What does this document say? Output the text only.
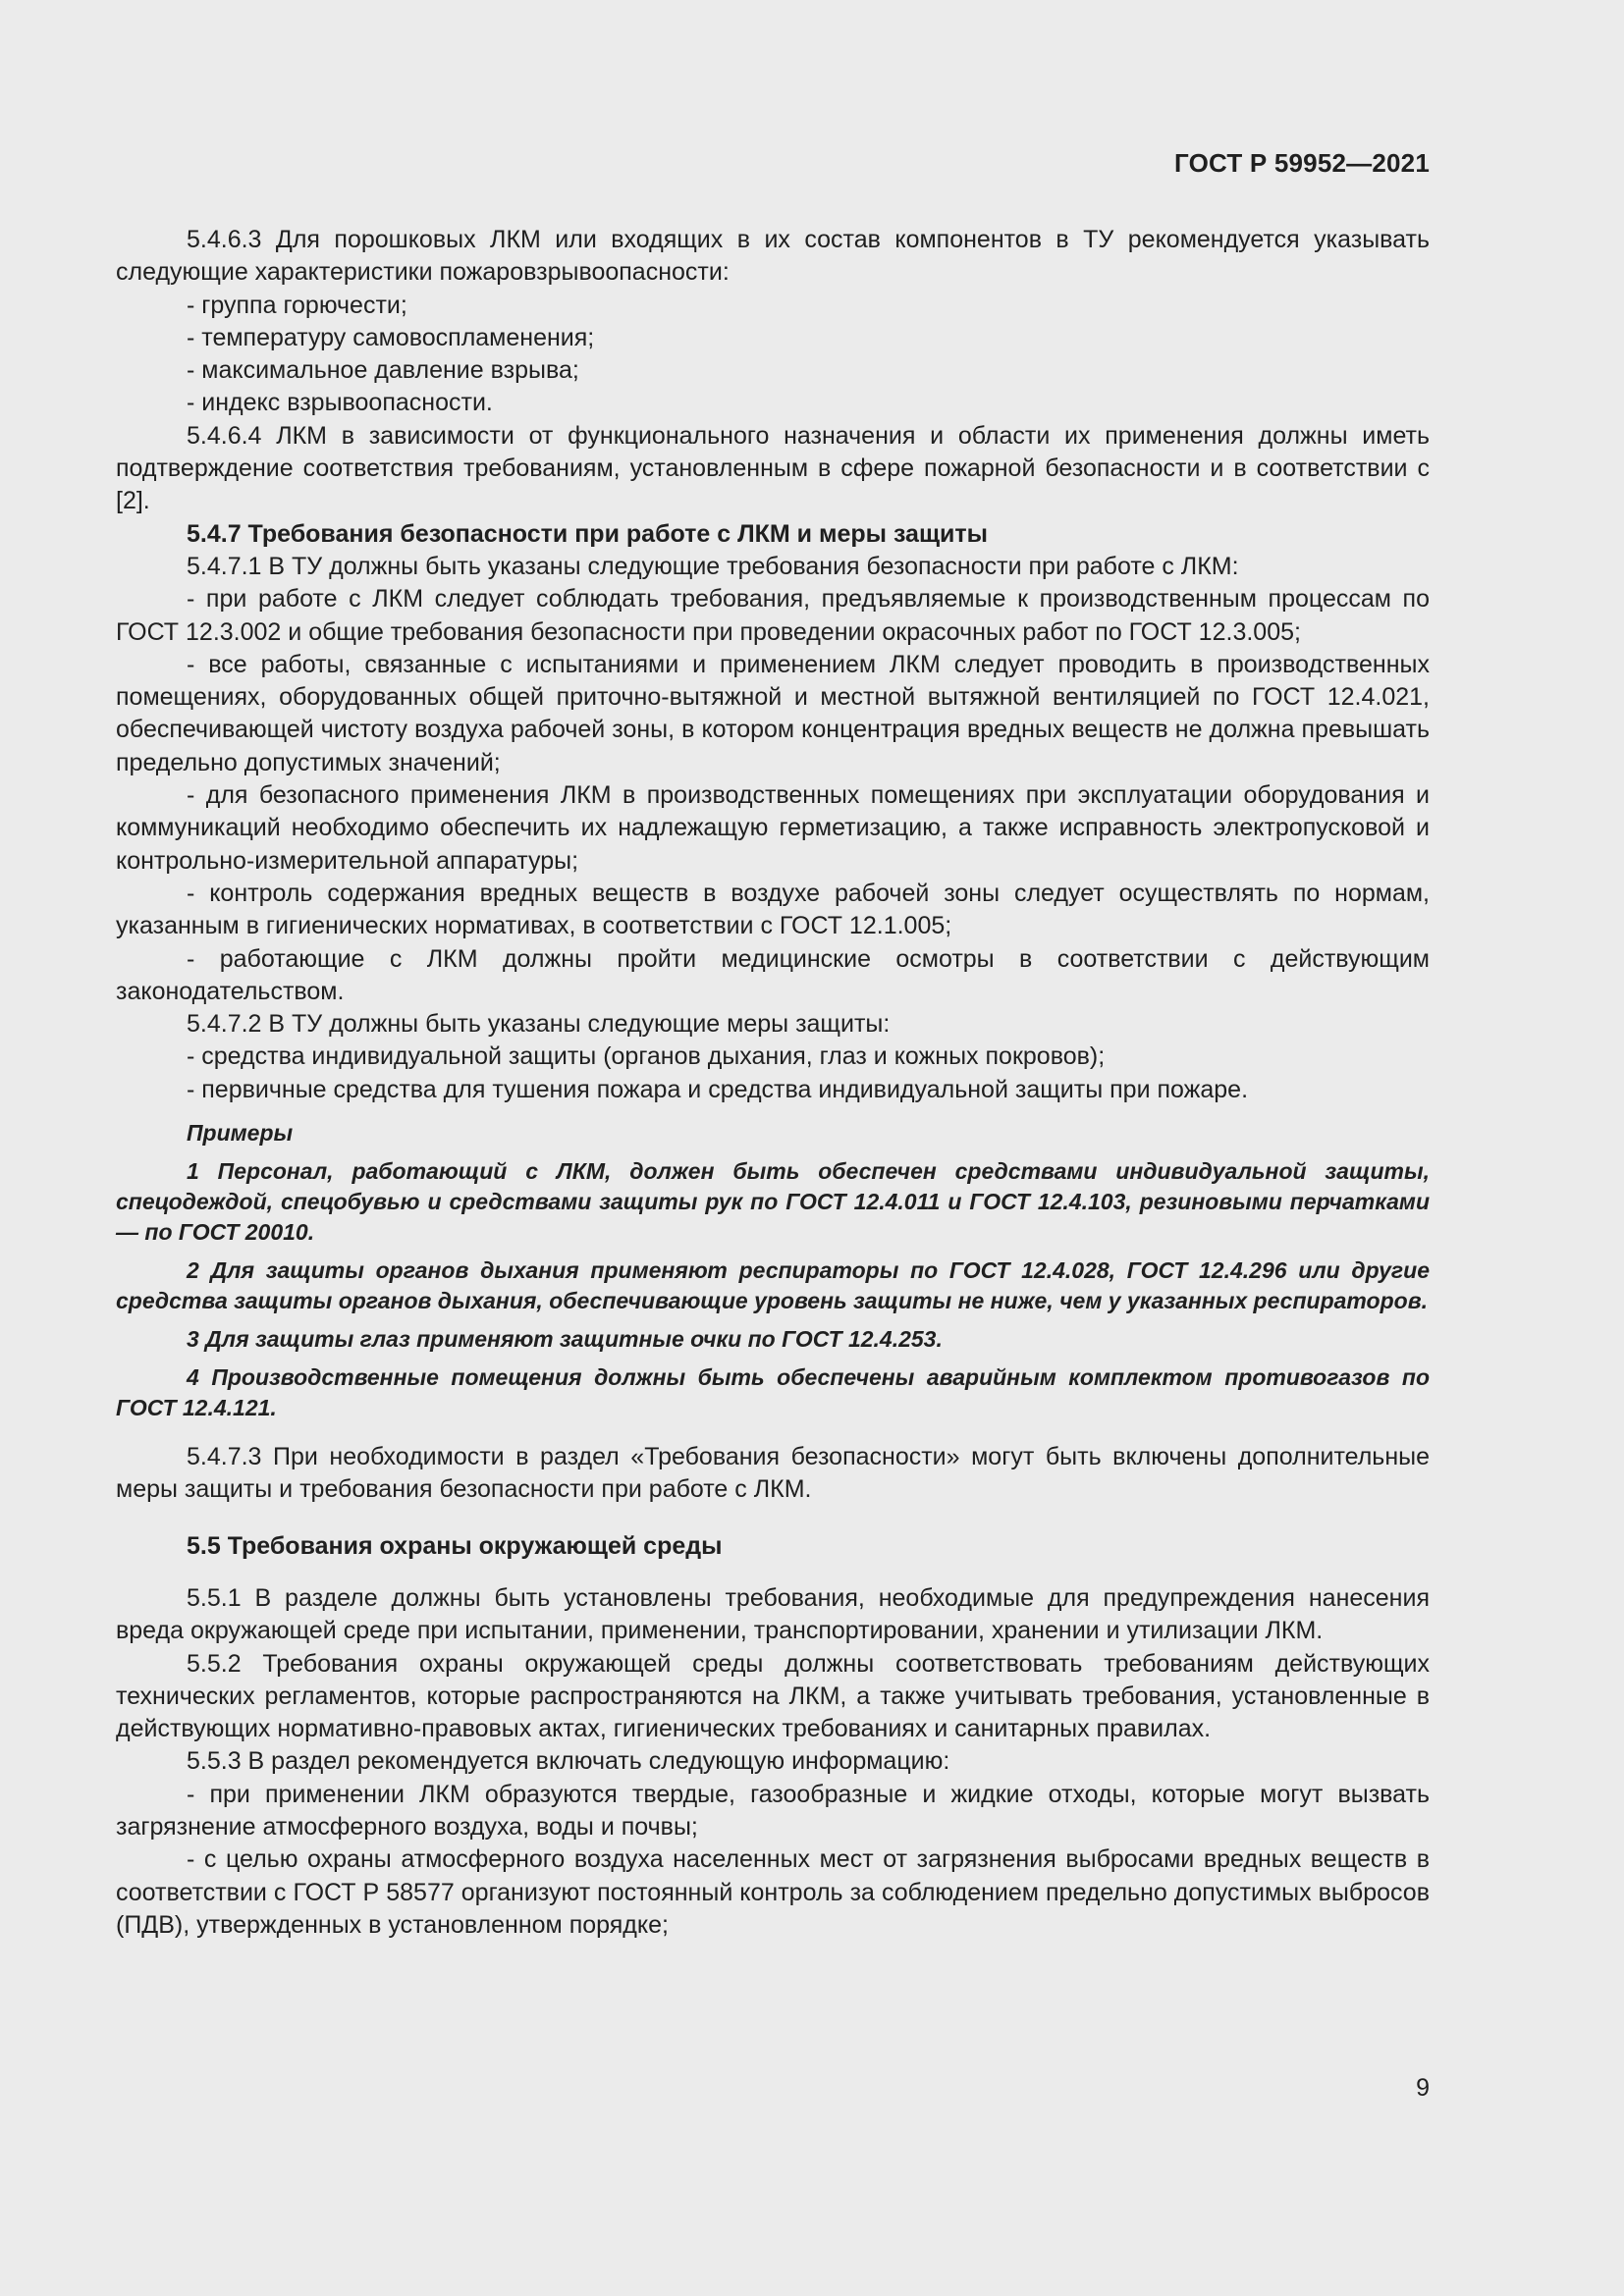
ГОСТ Р 59952—2021

5.4.6.3 Для порошковых ЛКМ или входящих в их состав компонентов в ТУ рекомендуется указывать следующие характеристики пожаровзрывоопасности:

- группа горючести;

- температуру самовоспламенения;

- максимальное давление взрыва;

- индекс взрывоопасности.

5.4.6.4 ЛКМ в зависимости от функционального назначения и области их применения должны иметь подтверждение соответствия требованиям, установленным в сфере пожарной безопасности и в соответствии с [2].

5.4.7 Требования безопасности при работе с ЛКМ и меры защиты

5.4.7.1 В ТУ должны быть указаны следующие требования безопасности при работе с ЛКМ:

- при работе с ЛКМ следует соблюдать требования, предъявляемые к производственным процессам по ГОСТ 12.3.002 и общие требования безопасности при проведении окрасочных работ по ГОСТ 12.3.005;

- все работы, связанные с испытаниями и применением ЛКМ следует проводить в производственных помещениях, оборудованных общей приточно-вытяжной и местной вытяжной вентиляцией по ГОСТ 12.4.021, обеспечивающей чистоту воздуха рабочей зоны, в котором концентрация вредных веществ не должна превышать предельно допустимых значений;

- для безопасного применения ЛКМ в производственных помещениях при эксплуатации оборудования и коммуникаций необходимо обеспечить их надлежащую герметизацию, а также исправность электропусковой и контрольно-измерительной аппаратуры;

- контроль содержания вредных веществ в воздухе рабочей зоны следует осуществлять по нормам, указанным в гигиенических нормативах, в соответствии с ГОСТ 12.1.005;

- работающие с ЛКМ должны пройти медицинские осмотры в соответствии с действующим законодательством.

5.4.7.2 В ТУ должны быть указаны следующие меры защиты:

- средства индивидуальной защиты (органов дыхания, глаз и кожных покровов);

- первичные средства для тушения пожара и средства индивидуальной защиты при пожаре.

Примеры

1 Персонал, работающий с ЛКМ, должен быть обеспечен средствами индивидуальной защиты, спецодеждой, спецобувью и средствами защиты рук по ГОСТ 12.4.011 и ГОСТ 12.4.103, резиновыми перчатками — по ГОСТ 20010.

2 Для защиты органов дыхания применяют респираторы по ГОСТ 12.4.028, ГОСТ 12.4.296 или другие средства защиты органов дыхания, обеспечивающие уровень защиты не ниже, чем у указанных респираторов.

3 Для защиты глаз применяют защитные очки по ГОСТ 12.4.253.

4 Производственные помещения должны быть обеспечены аварийным комплектом противогазов по ГОСТ 12.4.121.

5.4.7.3 При необходимости в раздел «Требования безопасности» могут быть включены дополнительные меры защиты и требования безопасности при работе с ЛКМ.

5.5 Требования охраны окружающей среды

5.5.1 В разделе должны быть установлены требования, необходимые для предупреждения нанесения вреда окружающей среде при испытании, применении, транспортировании, хранении и утилизации ЛКМ.

5.5.2 Требования охраны окружающей среды должны соответствовать требованиям действующих технических регламентов, которые распространяются на ЛКМ, а также учитывать требования, установленные в действующих нормативно-правовых актах, гигиенических требованиях и санитарных правилах.

5.5.3 В раздел рекомендуется включать следующую информацию:

- при применении ЛКМ образуются твердые, газообразные и жидкие отходы, которые могут вызвать загрязнение атмосферного воздуха, воды и почвы;

- с целью охраны атмосферного воздуха населенных мест от загрязнения выбросами вредных веществ в соответствии с ГОСТ Р 58577 организуют постоянный контроль за соблюдением предельно допустимых выбросов (ПДВ), утвержденных в установленном порядке;

9
